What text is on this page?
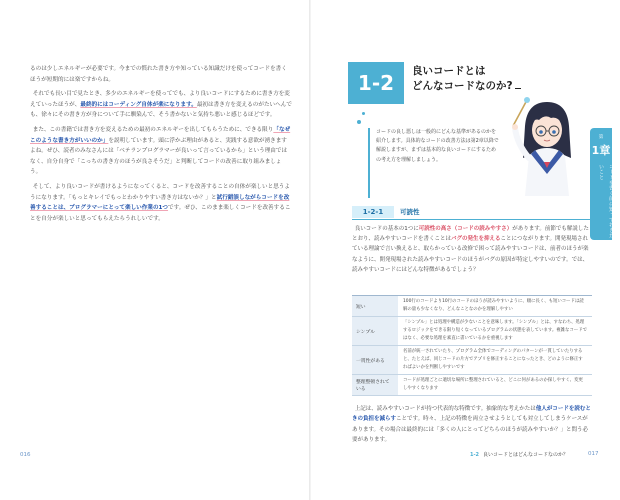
るのは少しエネルギーが必要です。今までの慣れた書き方や知っている知識だけを使ってコードを書くほうが短期的には楽ですからね。

それでも長い目で見たとき、多少のエネルギーを使ってでも、より良いコードにするために書き方を変えていったほうが、最終的にはコーディング自体が楽になります。最初は書き方を変えるのがたいへんでも、徐々にその書き方が身について手に馴染んで、そう書かないと気持ち悪いと感じるほどです。

また、この書籍では書き方を変えるための最初のエネルギーを出してもらうために、できる限り「なぜこのような書き方がいいのか」を説明しています。頭に浮かぶ理由があると、実践する意欲が湧きますよね。ぜひ、読者のみなさんには「ベテランプログラマーが良いって言っているから」という理由ではなく、自分自身で「こっちの書き方のほうが良さそうだ」と判断してコードの改善に取り組みましょう。

そして、より良いコードが書けるようになってくると、コードを改善することの自体が楽しいと思うようになります。「もっとキレイでもっとわかりやすい書き方はないか？」と試行錯誤しながらコードを改善することは、プログラマーにとって楽しい作業の1つです。ぜひ、このまま楽しくコードを改善することを自分が楽しいと思ってもらえたらうれしいです。

016
1-2 良いコードとは
どんなコードなのか?
コードの良し悪しは一般的にどんな基準があるのかを紹介します。具体的なコードの改善方法は第2章以降で解説しますが、まずは基本的な良いコードにするための考え方を理解しましょう。
第
1章
コードを書く前に知っておきたいこと
1-2-1	可読性

良いコードの基本の1つに可読性の高さ（コードの読みやすさ）があります。前節でも解説したとおり、読みやすいコードを書くことはバグの発生を抑えることにつながります。開発現場されている理論で言い換えると、取らかっている改修で困って読みやすいコードは、前者のほうが楽なように、開発現場された読みやすいコードのほうがバグの原因が特定しやすいのです。では、読みやすいコードにはどんな特徴があるでしょう？

短い
100行のコードより10行のコードのほうが読みやすいように、順に長く、も短いコードは読解の量も少なくなり、どんなことなのかを理解しやすい
シンプル
「シンプル」とは処理や構造が少ないことを意味します。「シンプル」とは、すなわち、処理するロジックをできる限り短くなっているプログラムの状態を表しています。複雑なコードではなく、必要な処理を素直に書いているかを重視します
一貫性がある
名前が統一されていたり、プログラム全体でコーディングのパターンが一貫していたりすると、たとえば、同じコードの片方でアプリを修正することになったとき、どのように修正すればよいかを判断しやすいです
整理整頓されている
コードが処理ごとに適切な場所に整理されていると、どこに何があるのか探しやすく、変更しやすくなります

上記は、読みやすいコードが持つ代表的な特徴です。抽象的な考えかたは他人がコードを読むときの負担を減らすことです。時々、上記の特徴を両立させようとしても対立してしまうケースがあります。その場合は最終的には「多くの人にとってどちらのほうが読みやすいか？」と問う必要があります。

1-2 良いコードとはどんなコードなのか？	017
